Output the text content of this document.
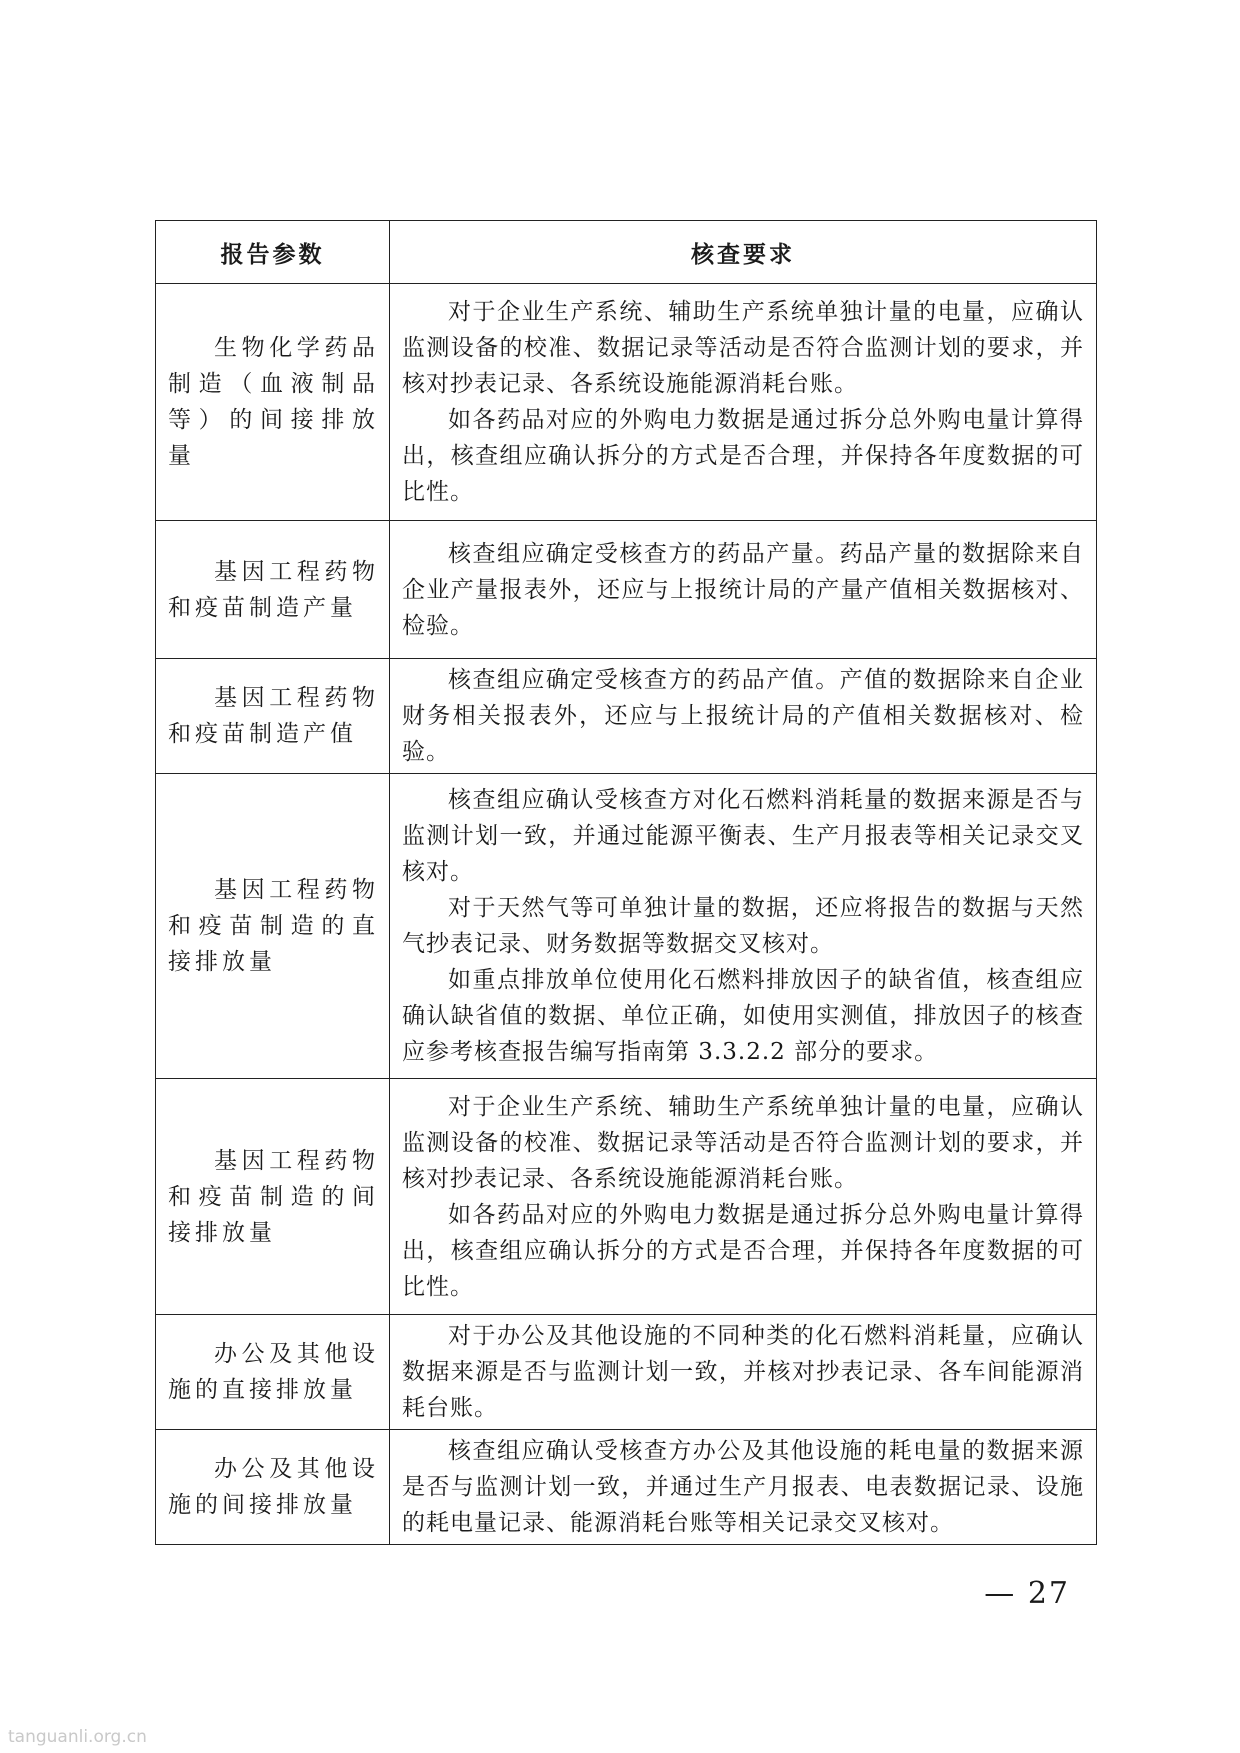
报告参数	核查要求
生物化学药品制造（血液制品等）的间接排放量	对于企业生产系统、辅助生产系统单独计量的电量，应确认监测设备的校准、数据记录等活动是否符合监测计划的要求，并核对抄表记录、各系统设施能源消耗台账。

如各药品对应的外购电力数据是通过拆分总外购电量计算得出，核查组应确认拆分的方式是否合理，并保持各年度数据的可比性。

基因工程药物和疫苗制造产量	核查组应确定受核查方的药品产量。药品产量的数据除来自企业产量报表外，还应与上报统计局的产量产值相关数据核对、检验。

基因工程药物和疫苗制造产值	核查组应确定受核查方的药品产值。产值的数据除来自企业财务相关报表外，还应与上报统计局的产值相关数据核对、检验。

基因工程药物和疫苗制造的直接排放量	核查组应确认受核查方对化石燃料消耗量的数据来源是否与监测计划一致，并通过能源平衡表、生产月报表等相关记录交叉核对。

对于天然气等可单独计量的数据，还应将报告的数据与天然气抄表记录、财务数据等数据交叉核对。

如重点排放单位使用化石燃料排放因子的缺省值，核查组应确认缺省值的数据、单位正确，如使用实测值，排放因子的核查应参考核查报告编写指南第 3.3.2.2 部分的要求。

基因工程药物和疫苗制造的间接排放量	对于企业生产系统、辅助生产系统单独计量的电量，应确认监测设备的校准、数据记录等活动是否符合监测计划的要求，并核对抄表记录、各系统设施能源消耗台账。

如各药品对应的外购电力数据是通过拆分总外购电量计算得出，核查组应确认拆分的方式是否合理，并保持各年度数据的可比性。

办公及其他设施的直接排放量	对于办公及其他设施的不同种类的化石燃料消耗量，应确认数据来源是否与监测计划一致，并核对抄表记录、各车间能源消耗台账。

办公及其他设施的间接排放量	核查组应确认受核查方办公及其他设施的耗电量的数据来源是否与监测计划一致，并通过生产月报表、电表数据记录、设施的耗电量记录、能源消耗台账等相关记录交叉核对。

— 27
tanguanli.org.cn
